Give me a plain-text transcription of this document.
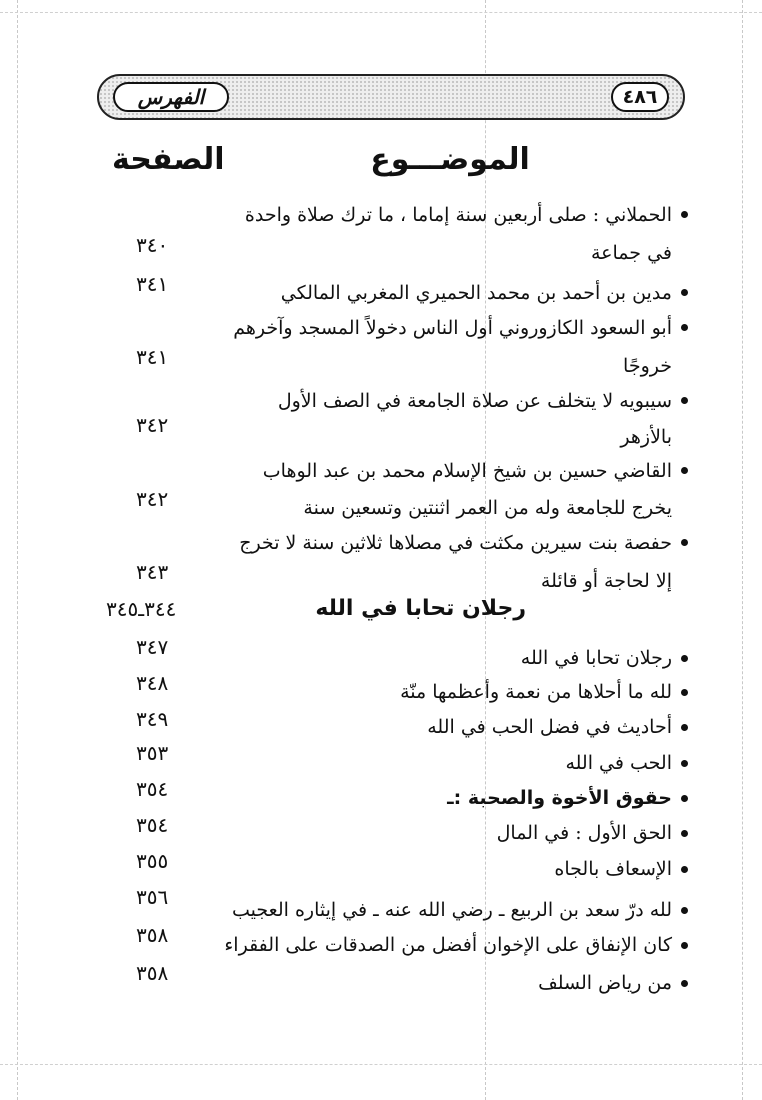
الفهرس	٤٨٦
الموضـــوع
الصفحة
الحملاني : صلى أربعين سنة إماما ، ما ترك صلاة واحدة
في جماعة
٣٤٠
مدين بن أحمد بن محمد الحميري المغربي المالكي
٣٤١
أبو السعود الكازوروني أول الناس دخولاً المسجد وآخرهم
خروجًا
٣٤١
سيبويه لا يتخلف عن صلاة الجامعة في الصف الأول
بالأزهر
٣٤٢
القاضي حسين بن شيخ الإسلام محمد بن عبد الوهاب
يخرج للجامعة وله من العمر اثنتين وتسعين سنة
٣٤٢
حفصة بنت سيرين مكثت في مصلاها ثلاثين سنة لا تخرج
إلا لحاجة أو قائلة
٣٤٣
رجلان تحابا في الله
٣٤٤ـ٣٤٥
رجلان تحابا في الله
٣٤٧
لله ما أحلاها من نعمة وأعظمها منّة
٣٤٨
أحاديث في فضل الحب في الله
٣٤٩
الحب في الله
٣٥٣
حقوق الأخوة والصحبة :ـ
٣٥٤
الحق الأول : في المال
٣٥٤
الإسعاف بالجاه
٣٥٥
لله درّ سعد بن الربيع ـ رضي الله عنه ـ في إيثاره العجيب
٣٥٦
كان الإنفاق على الإخوان أفضل من الصدقات على الفقراء
٣٥٨
من رياض السلف
٣٥٨
